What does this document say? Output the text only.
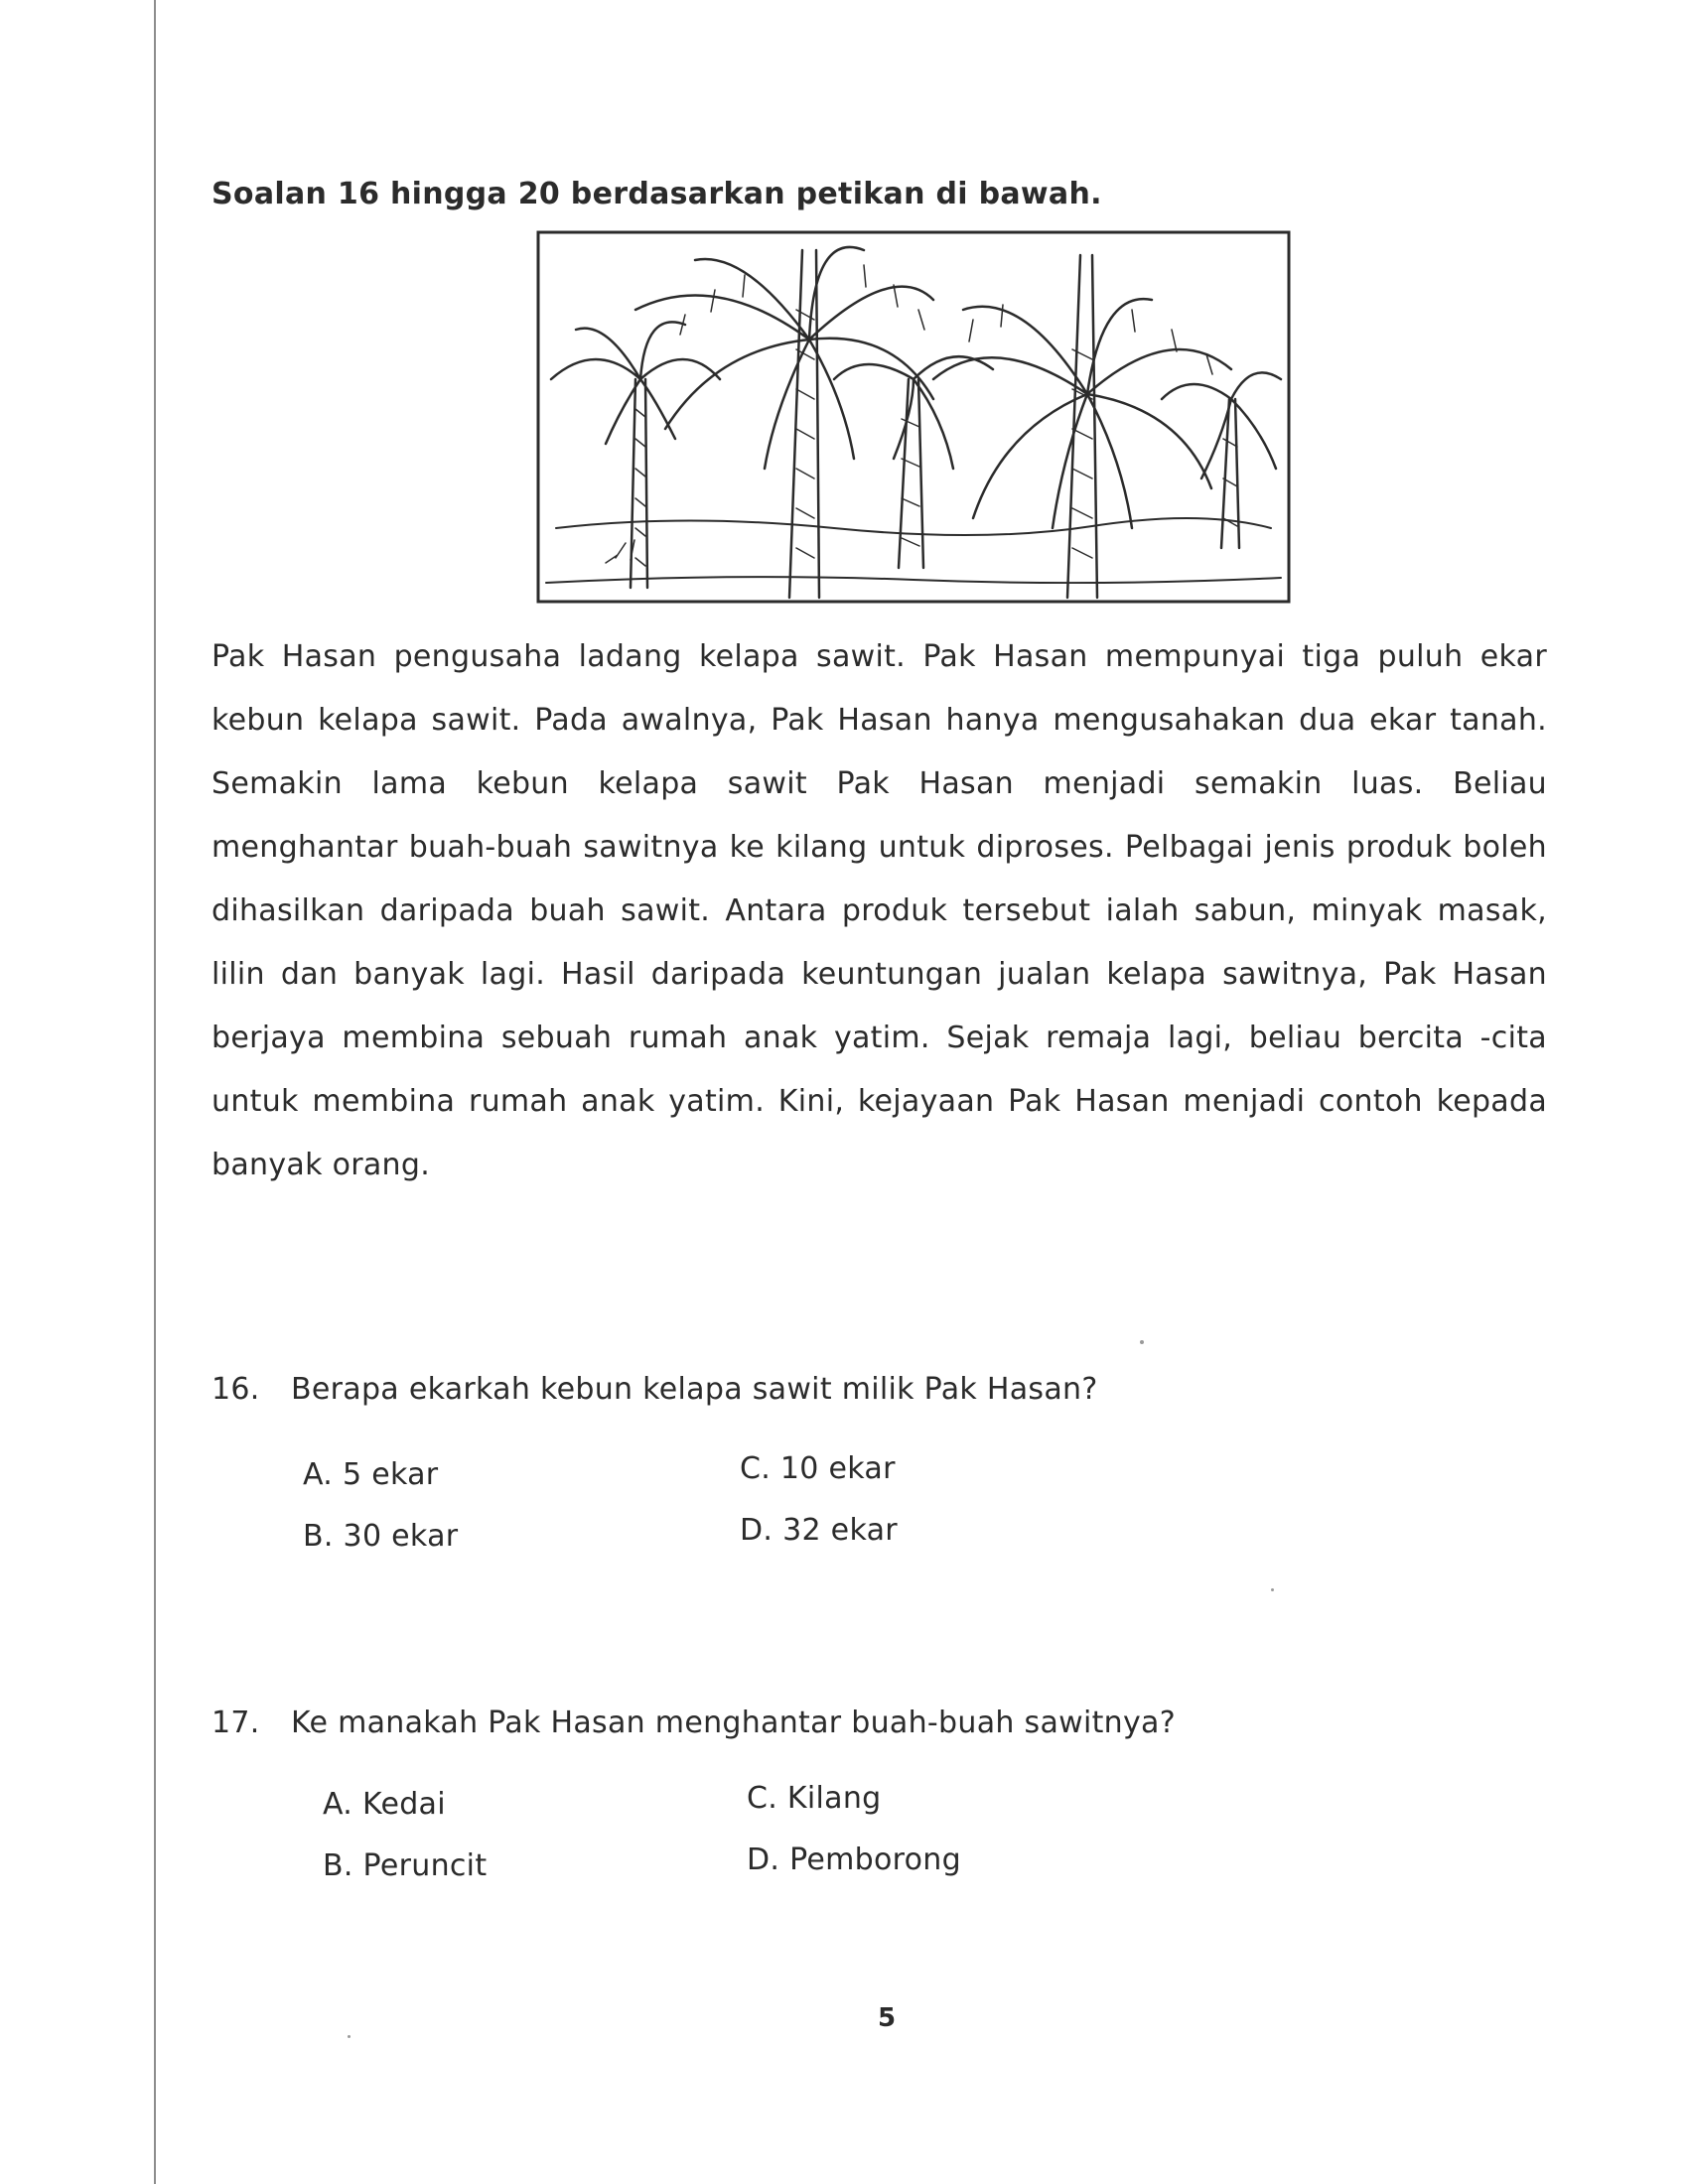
Soalan 16 hingga 20 berdasarkan petikan di bawah.
Pak Hasan pengusaha ladang kelapa sawit. Pak Hasan mempunyai tiga puluh ekar kebun kelapa sawit. Pada awalnya, Pak Hasan hanya mengusahakan dua ekar tanah. Semakin lama kebun kelapa sawit Pak Hasan menjadi semakin luas. Beliau menghantar buah-buah sawitnya ke kilang untuk diproses. Pelbagai jenis produk boleh dihasilkan daripada buah sawit. Antara produk tersebut ialah sabun, minyak masak, lilin dan banyak lagi. Hasil daripada keuntungan jualan kelapa sawitnya, Pak Hasan berjaya membina sebuah rumah anak yatim. Sejak remaja lagi, beliau bercita -cita untuk membina rumah anak yatim. Kini, kejayaan Pak Hasan menjadi contoh kepada banyak orang.
16. Berapa ekarkah kebun kelapa sawit milik Pak Hasan?
A. 5 ekar	C. 10 ekar
B. 30 ekar	D. 32 ekar
17. Ke manakah Pak Hasan menghantar buah-buah sawitnya?
A. Kedai	C. Kilang
B. Peruncit	D. Pemborong
5
